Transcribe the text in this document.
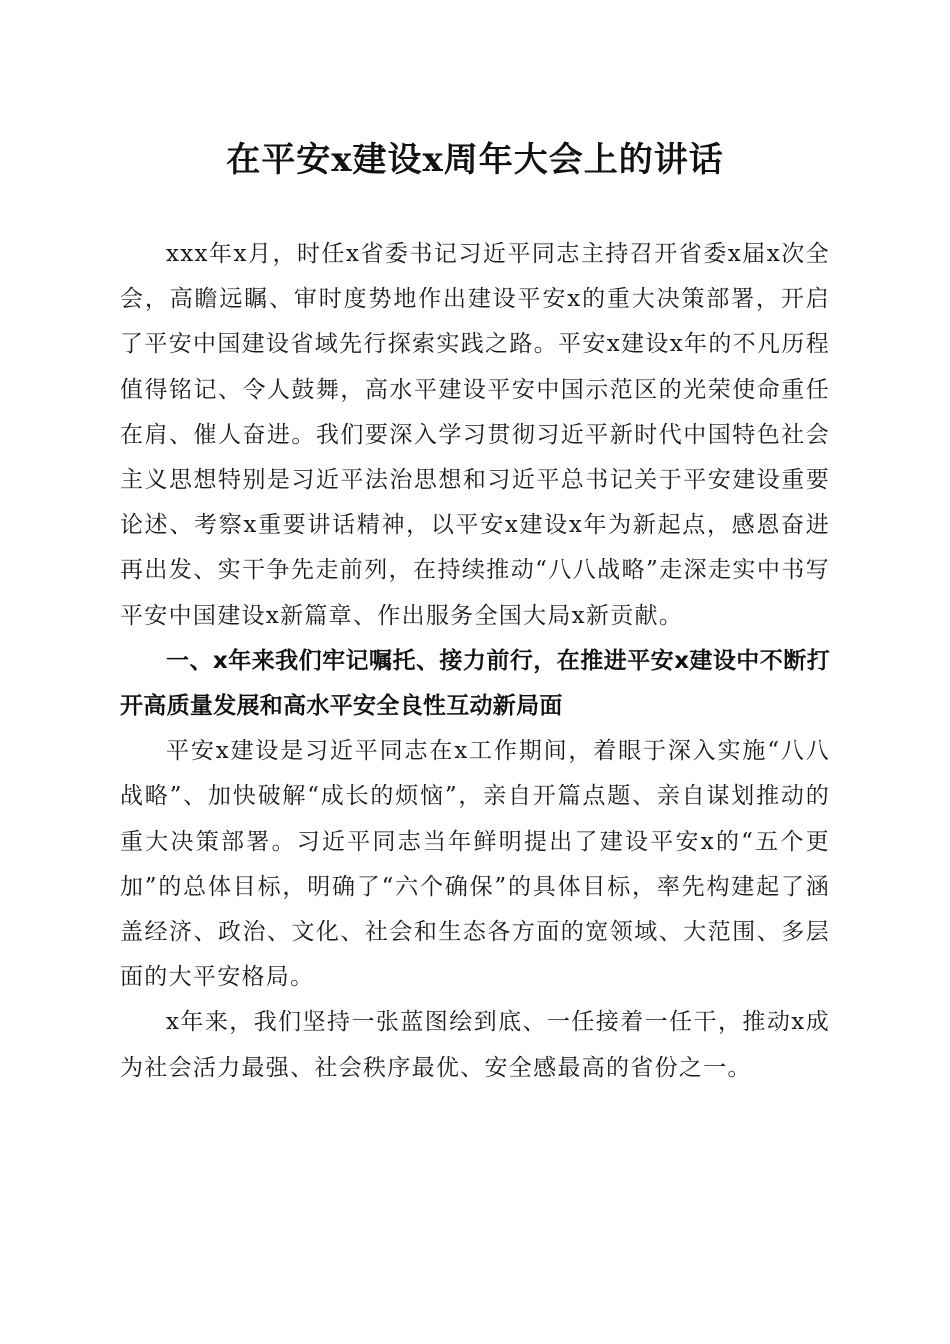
在平安x建设x周年大会上的讲话

xxx年x月，时任x省委书记习近平同志主持召开省委x届x次全会，高瞻远瞩、审时度势地作出建设平安x的重大决策部署，开启了平安中国建设省域先行探索实践之路。平安x建设x年的不凡历程值得铭记、令人鼓舞，高水平建设平安中国示范区的光荣使命重任在肩、催人奋进。我们要深入学习贯彻习近平新时代中国特色社会主义思想特别是习近平法治思想和习近平总书记关于平安建设重要论述、考察x重要讲话精神，以平安x建设x年为新起点，感恩奋进再出发、实干争先走前列，在持续推动“八八战略”走深走实中书写平安中国建设x新篇章、作出服务全国大局x新贡献。

一、x年来我们牢记嘱托、接力前行，在推进平安x建设中不断打开高质量发展和高水平安全良性互动新局面

平安x建设是习近平同志在x工作期间，着眼于深入实施“八八战略”、加快破解“成长的烦恼”，亲自开篇点题、亲自谋划推动的重大决策部署。习近平同志当年鲜明提出了建设平安x的“五个更加”的总体目标，明确了“六个确保”的具体目标，率先构建起了涵盖经济、政治、文化、社会和生态各方面的宽领域、大范围、多层面的大平安格局。

x年来，我们坚持一张蓝图绘到底、一任接着一任干，推动x成为社会活力最强、社会秩序最优、安全感最高的省份之一。
